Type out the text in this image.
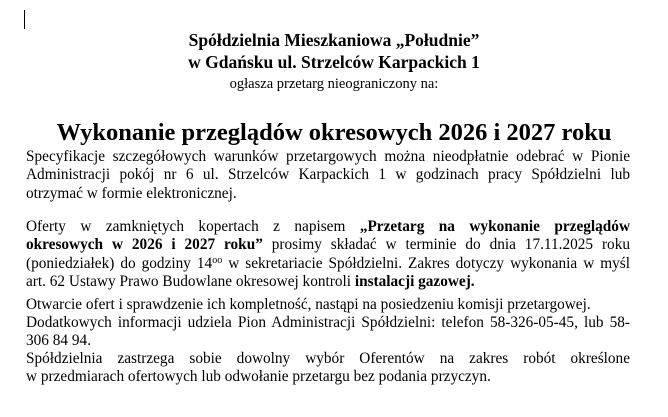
Spółdzielnia Mieszkaniowa „Południe”
w Gdańsku ul. Strzelców Karpackich 1
ogłasza przetarg nieograniczony na:
Wykonanie przeglądów okresowych 2026 i 2027 roku
Specyfikacje szczegółowych warunków przetargowych można nieodpłatnie odebrać w Pionie
Administracji pokój nr 6 ul. Strzelców Karpackich 1 w godzinach pracy Spółdzielni lub
otrzymać w formie elektronicznej.
Oferty w zamkniętych kopertach z napisem „Przetarg na wykonanie przeglądów
okresowych w 2026 i 2027 roku” prosimy składać w terminie do dnia 17.11.2025 roku
(poniedziałek) do godziny $14^{oo}$ w sekretariacie Spółdzielni. Zakres dotyczy wykonania w myśl
art. 62 Ustawy Prawo Budowlane okresowej kontroli instalacji gazowej.
Otwarcie ofert i sprawdzenie ich kompletność, nastąpi na posiedzeniu komisji przetargowej.
Dodatkowych informacji udziela Pion Administracji Spółdzielni: telefon 58-326-05-45, lub 58-
306 84 94.
Spółdzielnia zastrzega sobie dowolny wybór Oferentów na zakres robót określone
w przedmiarach ofertowych lub odwołanie przetargu bez podania przyczyn.
